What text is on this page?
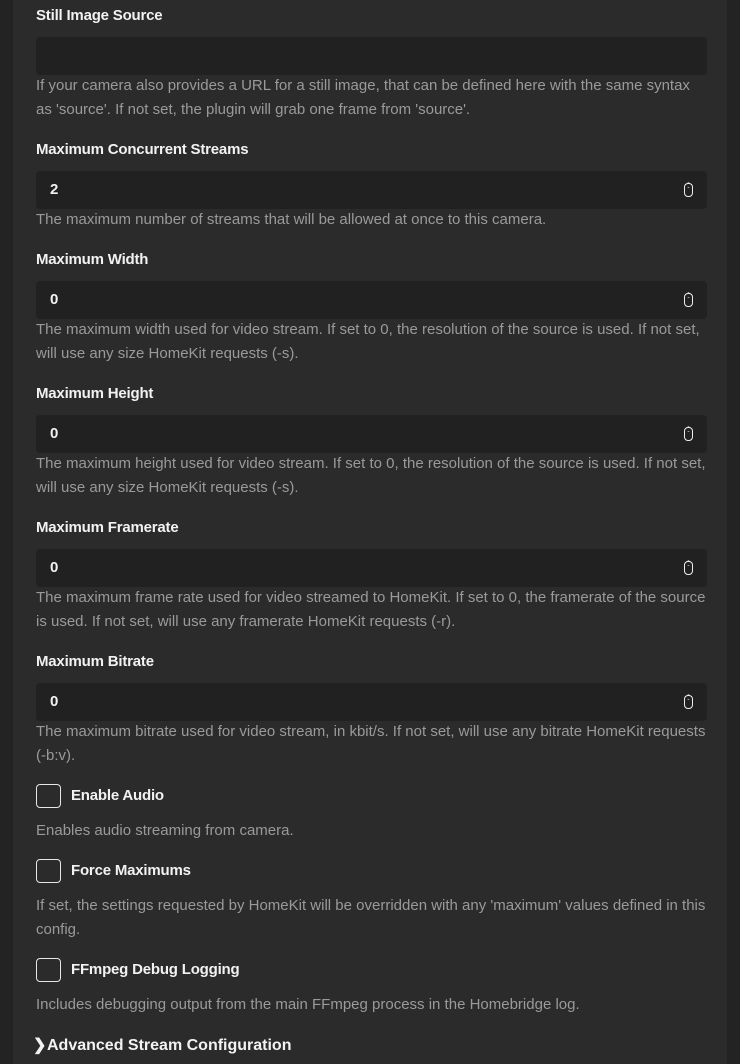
Still Image Source
If your camera also provides a URL for a still image, that can be defined here with the same syntax as 'source'. If not set, the plugin will grab one frame from 'source'.
Maximum Concurrent Streams
2	ˆ
ˇ
The maximum number of streams that will be allowed at once to this camera.
Maximum Width
0	ˆ
ˇ
The maximum width used for video stream. If set to 0, the resolution of the source is used. If not set, will use any size HomeKit requests (-s).
Maximum Height
0	ˆ
ˇ
The maximum height used for video stream. If set to 0, the resolution of the source is used. If not set, will use any size HomeKit requests (-s).
Maximum Framerate
0	ˆ
ˇ
The maximum frame rate used for video streamed to HomeKit. If set to 0, the framerate of the source is used. If not set, will use any framerate HomeKit requests (-r).
Maximum Bitrate
0	ˆ
ˇ
The maximum bitrate used for video stream, in kbit/s. If not set, will use any bitrate HomeKit requests (-b:v).
Enable Audio
Enables audio streaming from camera.
Force Maximums
If set, the settings requested by HomeKit will be overridden with any 'maximum' values defined in this config.
FFmpeg Debug Logging
Includes debugging output from the main FFmpeg process in the Homebridge log.
❯ Advanced Stream Configuration
